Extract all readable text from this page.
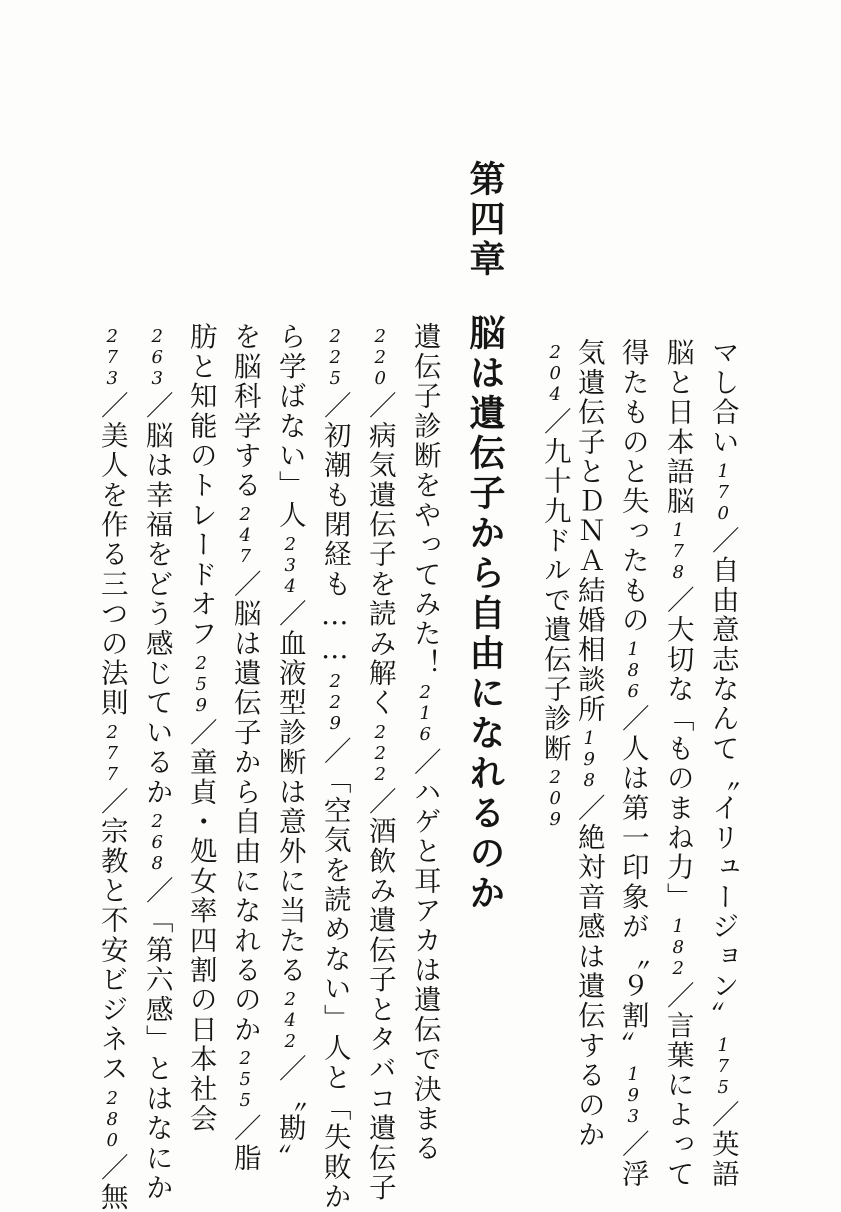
第四章脳は遺伝子から自由になれるのか	マし合い170／自由意志なんて〝イリュージョン〟175／英語
脳と日本語脳178／大切な「ものまね力」182／言葉によって
得たものと失ったもの186／人は第一印象が〝９割〟193／浮
気遺伝子とＤＮＡ結婚相談所198／絶対音感は遺伝するのか
204／九十九ドルで遺伝子診断209
遺伝子診断をやってみた！216／ハゲと耳アカは遺伝で決まる
220／病気遺伝子を読み解く222／酒飲み遺伝子とタバコ遺伝子
225／初潮も閉経も……229／「空気を読めない」人と「失敗か
ら学ばない」人234／血液型診断は意外に当たる242／〝勘〟
を脳科学する247／脳は遺伝子から自由になれるのか255／脂
肪と知能のトレードオフ259／童貞・処女率四割の日本社会
263／脳は幸福をどう感じているか268／「第六感」とはなにか
273／美人を作る三つの法則277／宗教と不安ビジネス280／無
